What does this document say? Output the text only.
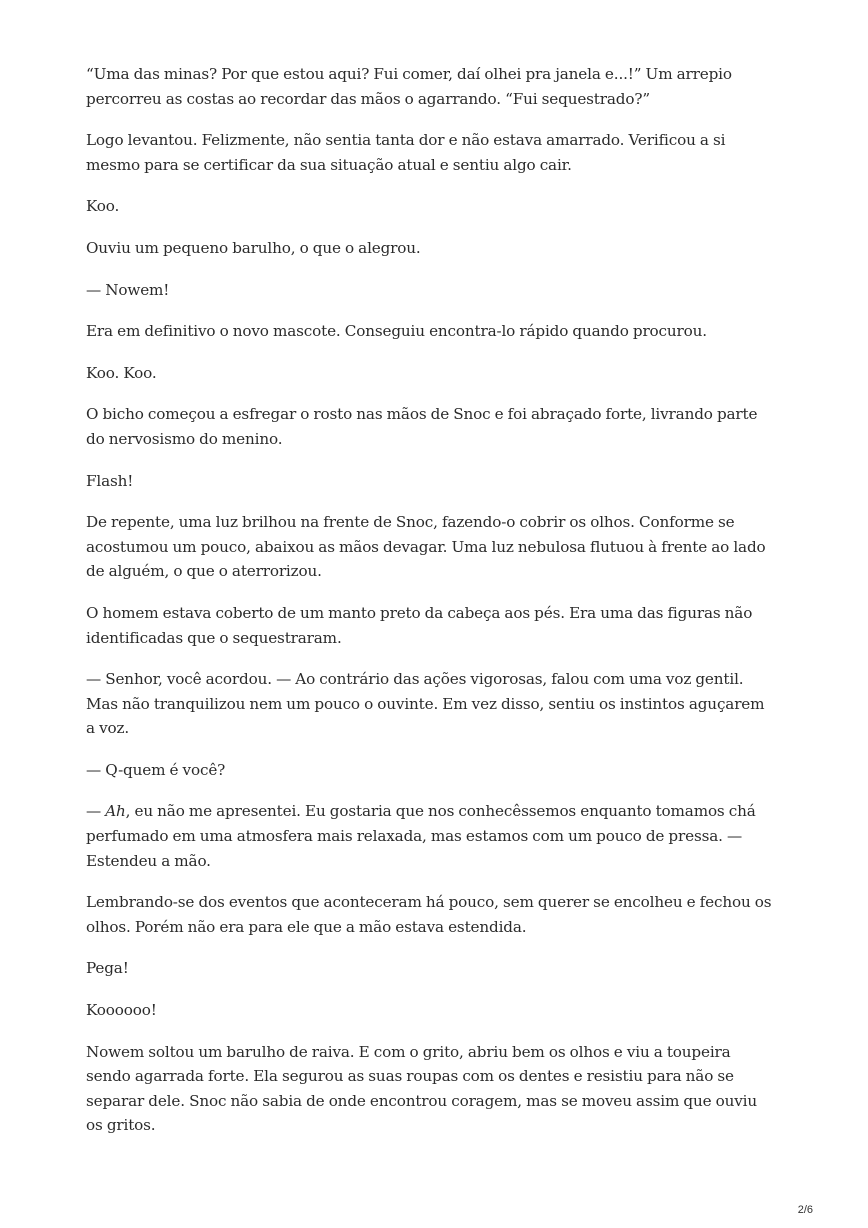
“Uma das minas? Por que estou aqui? Fui comer, daí olhei pra janela e...!” Um arrepio percorreu as costas ao recordar das mãos o agarrando. “Fui sequestrado?”

Logo levantou. Felizmente, não sentia tanta dor e não estava amarrado. Verificou a si mesmo para se certificar da sua situação atual e sentiu algo cair.

Koo.

Ouviu um pequeno barulho, o que o alegrou.

— Nowem!

Era em definitivo o novo mascote. Conseguiu encontra-lo rápido quando procurou.

Koo. Koo.

O bicho começou a esfregar o rosto nas mãos de Snoc e foi abraçado forte, livrando parte do nervosismo do menino.

Flash!

De repente, uma luz brilhou na frente de Snoc, fazendo-o cobrir os olhos. Conforme se acostumou um pouco, abaixou as mãos devagar. Uma luz nebulosa flutuou à frente ao lado de alguém, o que o aterrorizou.

O homem estava coberto de um manto preto da cabeça aos pés. Era uma das figuras não identificadas que o sequestraram.

— Senhor, você acordou. — Ao contrário das ações vigorosas, falou com uma voz gentil. Mas não tranquilizou nem um pouco o ouvinte. Em vez disso, sentiu os instintos aguçarem a voz.

— Q-quem é você?

— Ah, eu não me apresentei. Eu gostaria que nos conhecêssemos enquanto tomamos chá perfumado em uma atmosfera mais relaxada, mas estamos com um pouco de pressa. — Estendeu a mão.

Lembrando-se dos eventos que aconteceram há pouco, sem querer se encolheu e fechou os olhos. Porém não era para ele que a mão estava estendida.

Pega!

Koooooo!

Nowem soltou um barulho de raiva. E com o grito, abriu bem os olhos e viu a toupeira sendo agarrada forte. Ela segurou as suas roupas com os dentes e resistiu para não se separar dele. Snoc não sabia de onde encontrou coragem, mas se moveu assim que ouviu os gritos.

2/6
